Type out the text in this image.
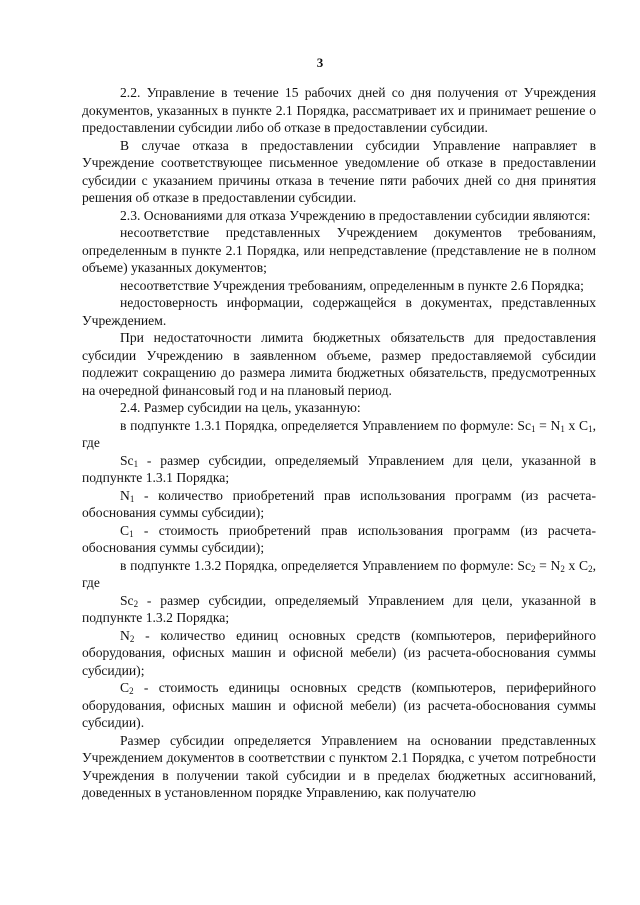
3

2.2. Управление в течение 15 рабочих дней со дня получения от Учреждения документов, указанных в пункте 2.1 Порядка, рассматривает их и принимает решение о предоставлении субсидии либо об отказе в предоставлении субсидии.

В случае отказа в предоставлении субсидии Управление направляет в Учреждение соответствующее письменное уведомление об отказе в предоставлении субсидии с указанием причины отказа в течение пяти рабочих дней со дня принятия решения об отказе в предоставлении субсидии.

2.3. Основаниями для отказа Учреждению в предоставлении субсидии являются:

несоответствие представленных Учреждением документов требованиям, определенным в пункте 2.1 Порядка, или непредставление (представление не в полном объеме) указанных документов;

несоответствие Учреждения требованиям, определенным в пункте 2.6 Порядка;

недостоверность информации, содержащейся в документах, представленных Учреждением.

При недостаточности лимита бюджетных обязательств для предоставления субсидии Учреждению в заявленном объеме, размер предоставляемой субсидии подлежит сокращению до размера лимита бюджетных обязательств, предусмотренных на очередной финансовый год и на плановый период.

2.4. Размер субсидии на цель, указанную:

в подпункте 1.3.1 Порядка, определяется Управлением по формуле: $Sc_1 = N_1$ x $C_1$, где

$Sc_1$ - размер субсидии, определяемый Управлением для цели, указанной в подпункте 1.3.1 Порядка;

$N_1$ - количество приобретений прав использования программ (из расчета-обоснования суммы субсидии);

$C_1$ - стоимость приобретений прав использования программ (из расчета-обоснования суммы субсидии);

в подпункте 1.3.2 Порядка, определяется Управлением по формуле: $Sc_2 = N_2$ x $C_2$, где

$Sc_2$ - размер субсидии, определяемый Управлением для цели, указанной в подпункте 1.3.2 Порядка;

$N_2$ - количество единиц основных средств (компьютеров, периферийного оборудования, офисных машин и офисной мебели) (из расчета-обоснования суммы субсидии);

$C_2$ - стоимость единицы основных средств (компьютеров, периферийного оборудования, офисных машин и офисной мебели) (из расчета-обоснования суммы субсидии).

Размер субсидии определяется Управлением на основании представленных Учреждением документов в соответствии с пунктом 2.1 Порядка, с учетом потребности Учреждения в получении такой субсидии и в пределах бюджетных ассигнований, доведенных в установленном порядке Управлению, как получателю
